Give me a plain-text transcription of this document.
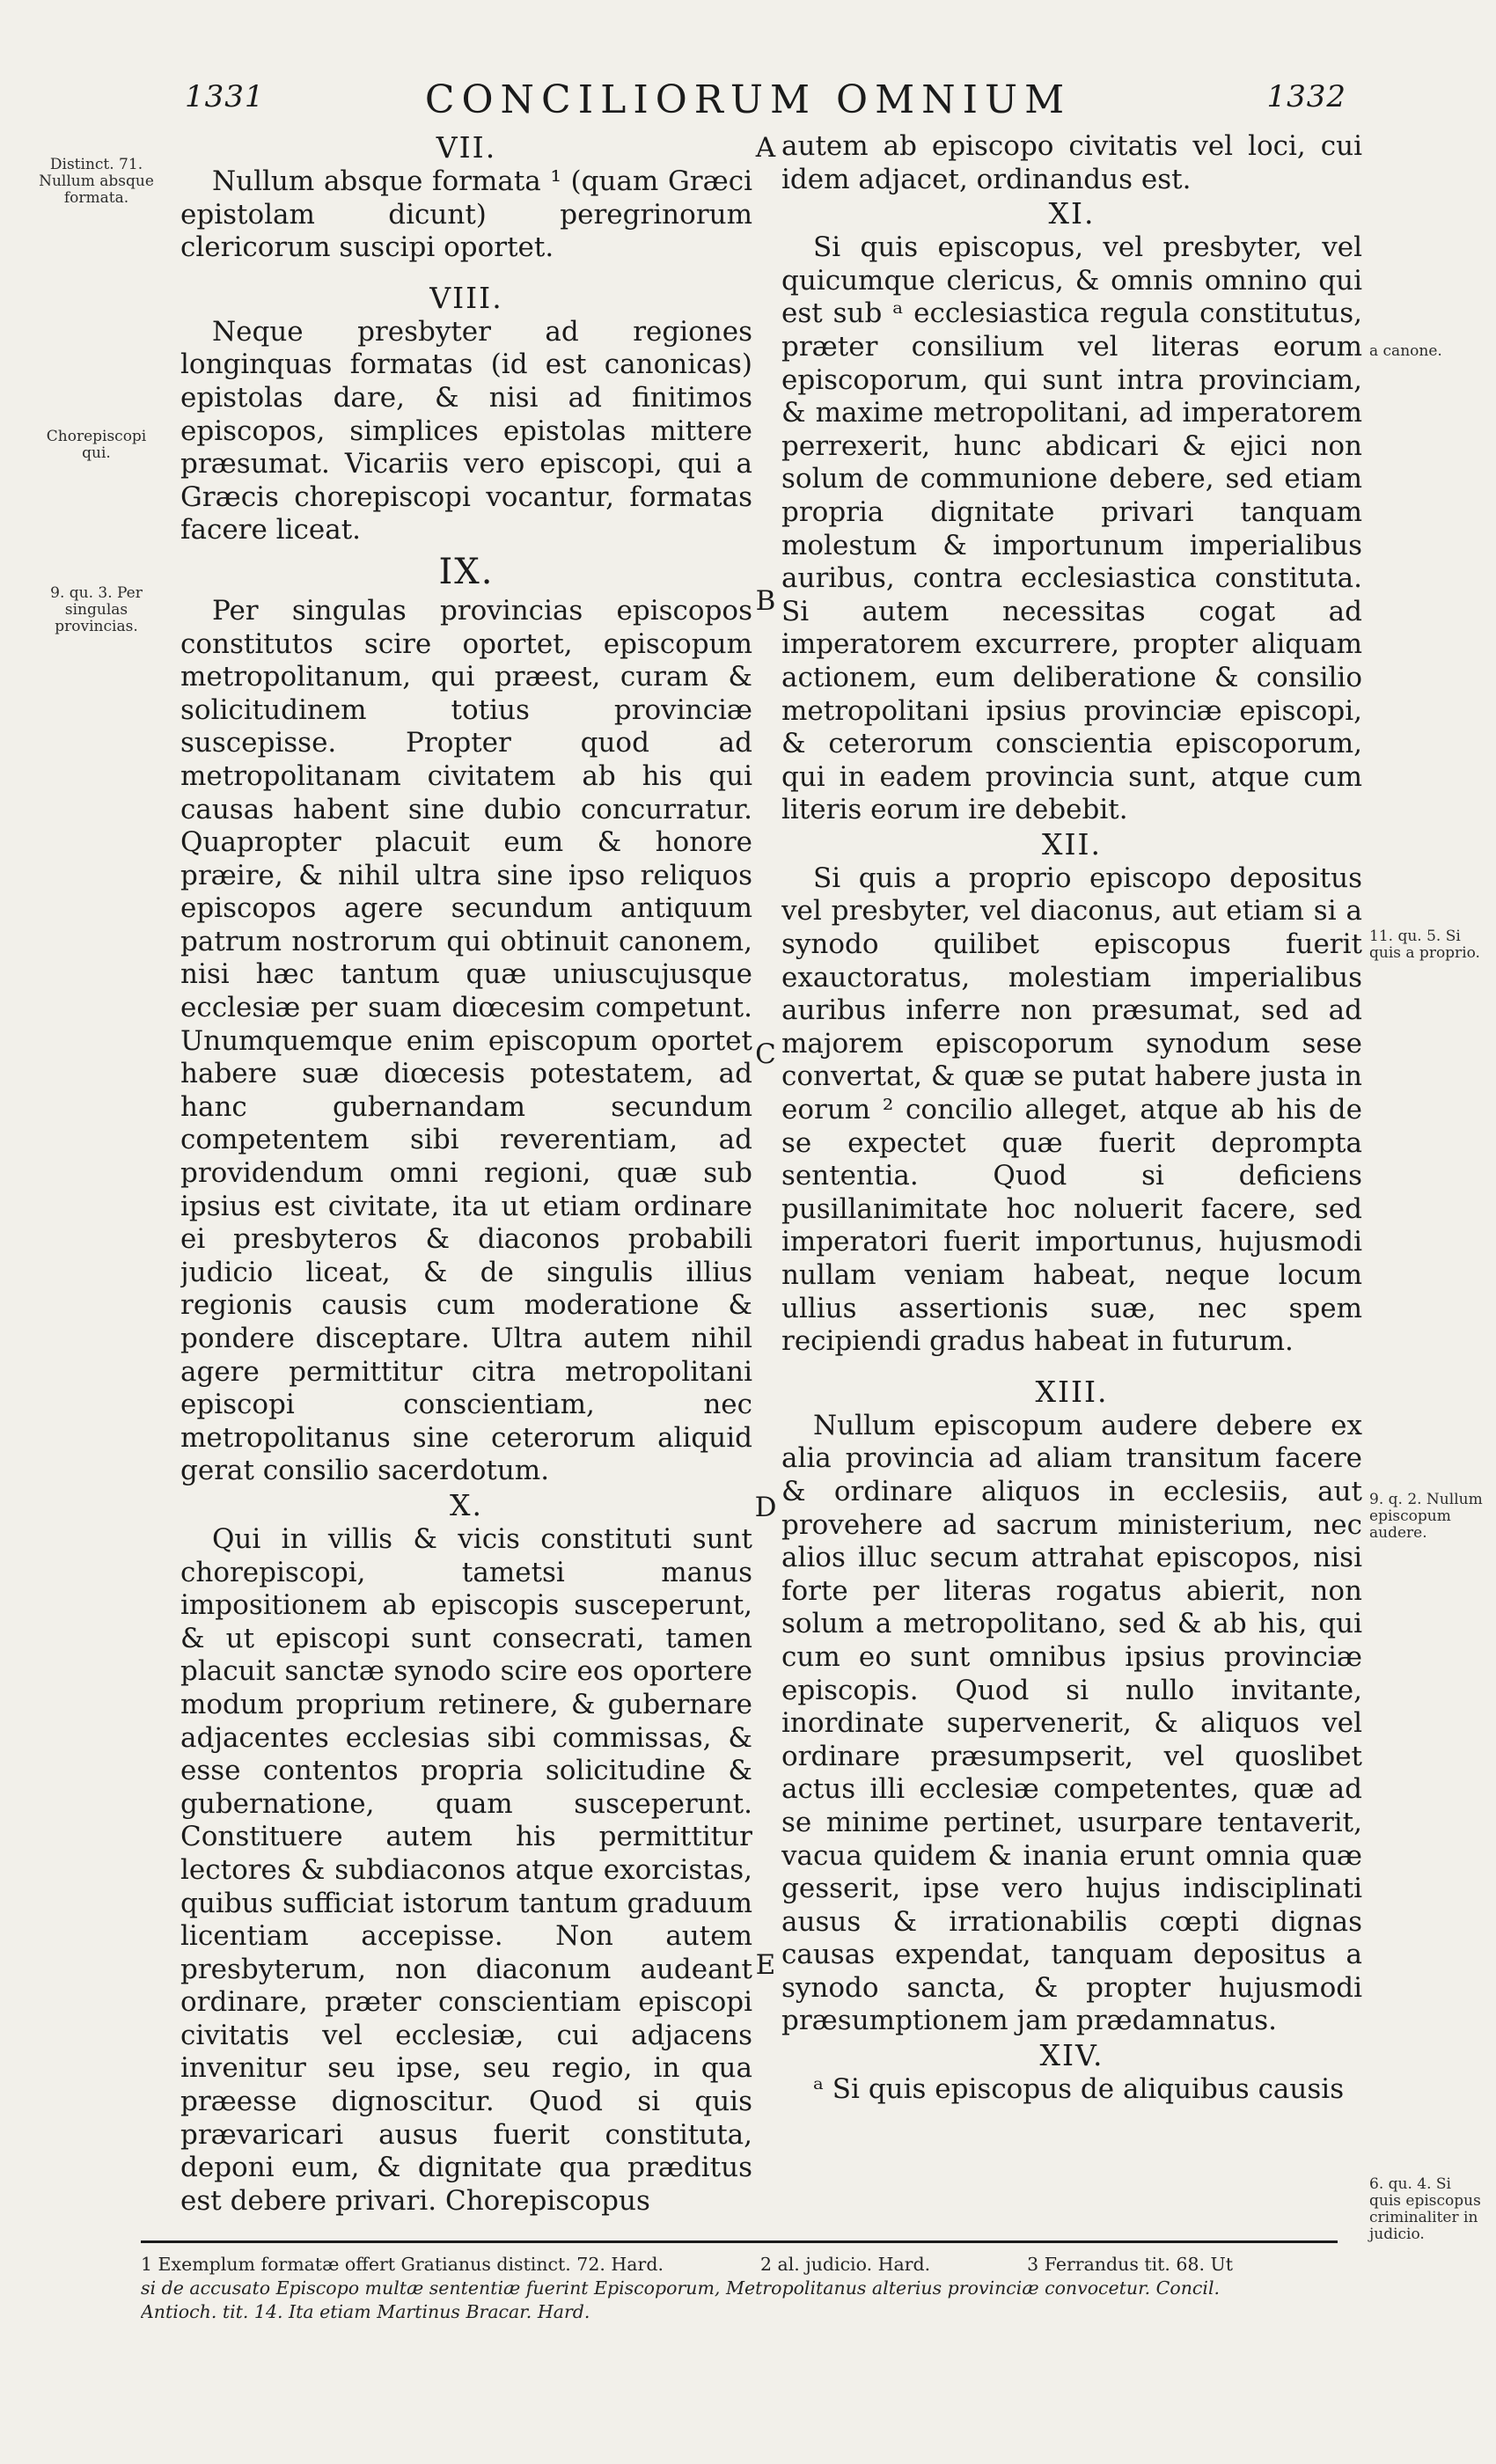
1331	CONCILIORUM OMNIUM	1332
VII.

Nullum absque formata ¹ (quam Græci epistolam dicunt) peregrinorum clericorum suscipi oportet.

VIII.

Neque presbyter ad regiones longinquas formatas (id est canonicas) epistolas dare, & nisi ad finitimos episcopos, simplices epistolas mittere præsumat. Vicariis vero episcopi, qui a Græcis chorepiscopi vocantur, formatas facere liceat.

IX.

Per singulas provincias episcopos constitutos scire oportet, episcopum metropolitanum, qui præest, curam & solicitudinem totius provinciæ suscepisse. Propter quod ad metropolitanam civitatem ab his qui causas habent sine dubio concurratur. Quapropter placuit eum & honore præire, & nihil ultra sine ipso reliquos episcopos agere secundum antiquum patrum nostrorum qui obtinuit canonem, nisi hæc tantum quæ uniuscujusque ecclesiæ per suam diœcesim competunt. Unumquemque enim episcopum oportet habere suæ diœcesis potestatem, ad hanc gubernandam secundum competentem sibi reverentiam, ad providendum omni regioni, quæ sub ipsius est civitate, ita ut etiam ordinare ei presbyteros & diaconos probabili judicio liceat, & de singulis illius regionis causis cum moderatione & pondere disceptare. Ultra autem nihil agere permittitur citra metropolitani episcopi conscientiam, nec metropolitanus sine ceterorum aliquid gerat consilio sacerdotum.

X.

Qui in villis & vicis constituti sunt chorepiscopi, tametsi manus impositionem ab episcopis susceperunt, & ut episcopi sunt consecrati, tamen placuit sanctæ synodo scire eos oportere modum proprium retinere, & gubernare adjacentes ecclesias sibi commissas, & esse contentos propria solicitudine & gubernatione, quam susceperunt. Constituere autem his permittitur lectores & subdiaconos atque exorcistas, quibus sufficiat istorum tantum graduum licentiam accepisse. Non autem presbyterum, non diaconum audeant ordinare, præter conscientiam episcopi civitatis vel ecclesiæ, cui adjacens invenitur seu ipse, seu regio, in qua præesse dignoscitur. Quod si quis prævaricari ausus fuerit constituta, deponi eum, & dignitate qua præditus est debere privari. Chorepiscopus

autem ab episcopo civitatis vel loci, cui idem adjacet, ordinandus est.

XI.

Si quis episcopus, vel presbyter, vel quicumque clericus, & omnis omnino qui est sub ᵃ ecclesiastica regula constitutus, præter consilium vel literas eorum episcoporum, qui sunt intra provinciam, & maxime metropolitani, ad imperatorem perrexerit, hunc abdicari & ejici non solum de communione debere, sed etiam propria dignitate privari tanquam molestum & importunum imperialibus auribus, contra ecclesiastica constituta. Si autem necessitas cogat ad imperatorem excurrere, propter aliquam actionem, eum deliberatione & consilio metropolitani ipsius provinciæ episcopi, & ceterorum conscientia episcoporum, qui in eadem provincia sunt, atque cum literis eorum ire debebit.

XII.

Si quis a proprio episcopo depositus vel presbyter, vel diaconus, aut etiam si a synodo quilibet episcopus fuerit exauctoratus, molestiam imperialibus auribus inferre non præsumat, sed ad majorem episcoporum synodum sese convertat, & quæ se putat habere justa in eorum ² concilio alleget, atque ab his de se expectet quæ fuerit deprompta sententia. Quod si deficiens pusillanimitate hoc noluerit facere, sed imperatori fuerit importunus, hujusmodi nullam veniam habeat, neque locum ullius assertionis suæ, nec spem recipiendi gradus habeat in futurum.

XIII.

Nullum episcopum audere debere ex alia provincia ad aliam transitum facere & ordinare aliquos in ecclesiis, aut provehere ad sacrum ministerium, nec alios illuc secum attrahat episcopos, nisi forte per literas rogatus abierit, non solum a metropolitano, sed & ab his, qui cum eo sunt omnibus ipsius provinciæ episcopis. Quod si nullo invitante, inordinate supervenerit, & aliquos vel ordinare præsumpserit, vel quoslibet actus illi ecclesiæ competentes, quæ ad se minime pertinet, usurpare tentaverit, vacua quidem & inania erunt omnia quæ gesserit, ipse vero hujus indisciplinati ausus & irrationabilis cœpti dignas causas expendat, tanquam depositus a synodo sancta, & propter hujusmodi præsumptionem jam prædamnatus.

XIV.

ᵃ Si quis episcopus de aliquibus causis

A
B
C
D
E
Distinct. 71. Nullum absque formata.
Chorepiscopi qui.
9. qu. 3. Per singulas provincias.
a canone.
11. qu. 5. Si quis a proprio.
9. q. 2. Nullum episcopum audere.
6. qu. 4. Si quis episcopus criminaliter in judicio.
1 Exemplum formatæ offert Gratianus distinct. 72. Hard.	2 al. judicio. Hard.	3 Ferrandus tit. 68. Ut
si de accusato Episcopo multæ sententiæ fuerint Episcoporum, Metropolitanus alterius provinciæ convocetur. Concil.
Antioch. tit. 14. Ita etiam Martinus Bracar. Hard.
